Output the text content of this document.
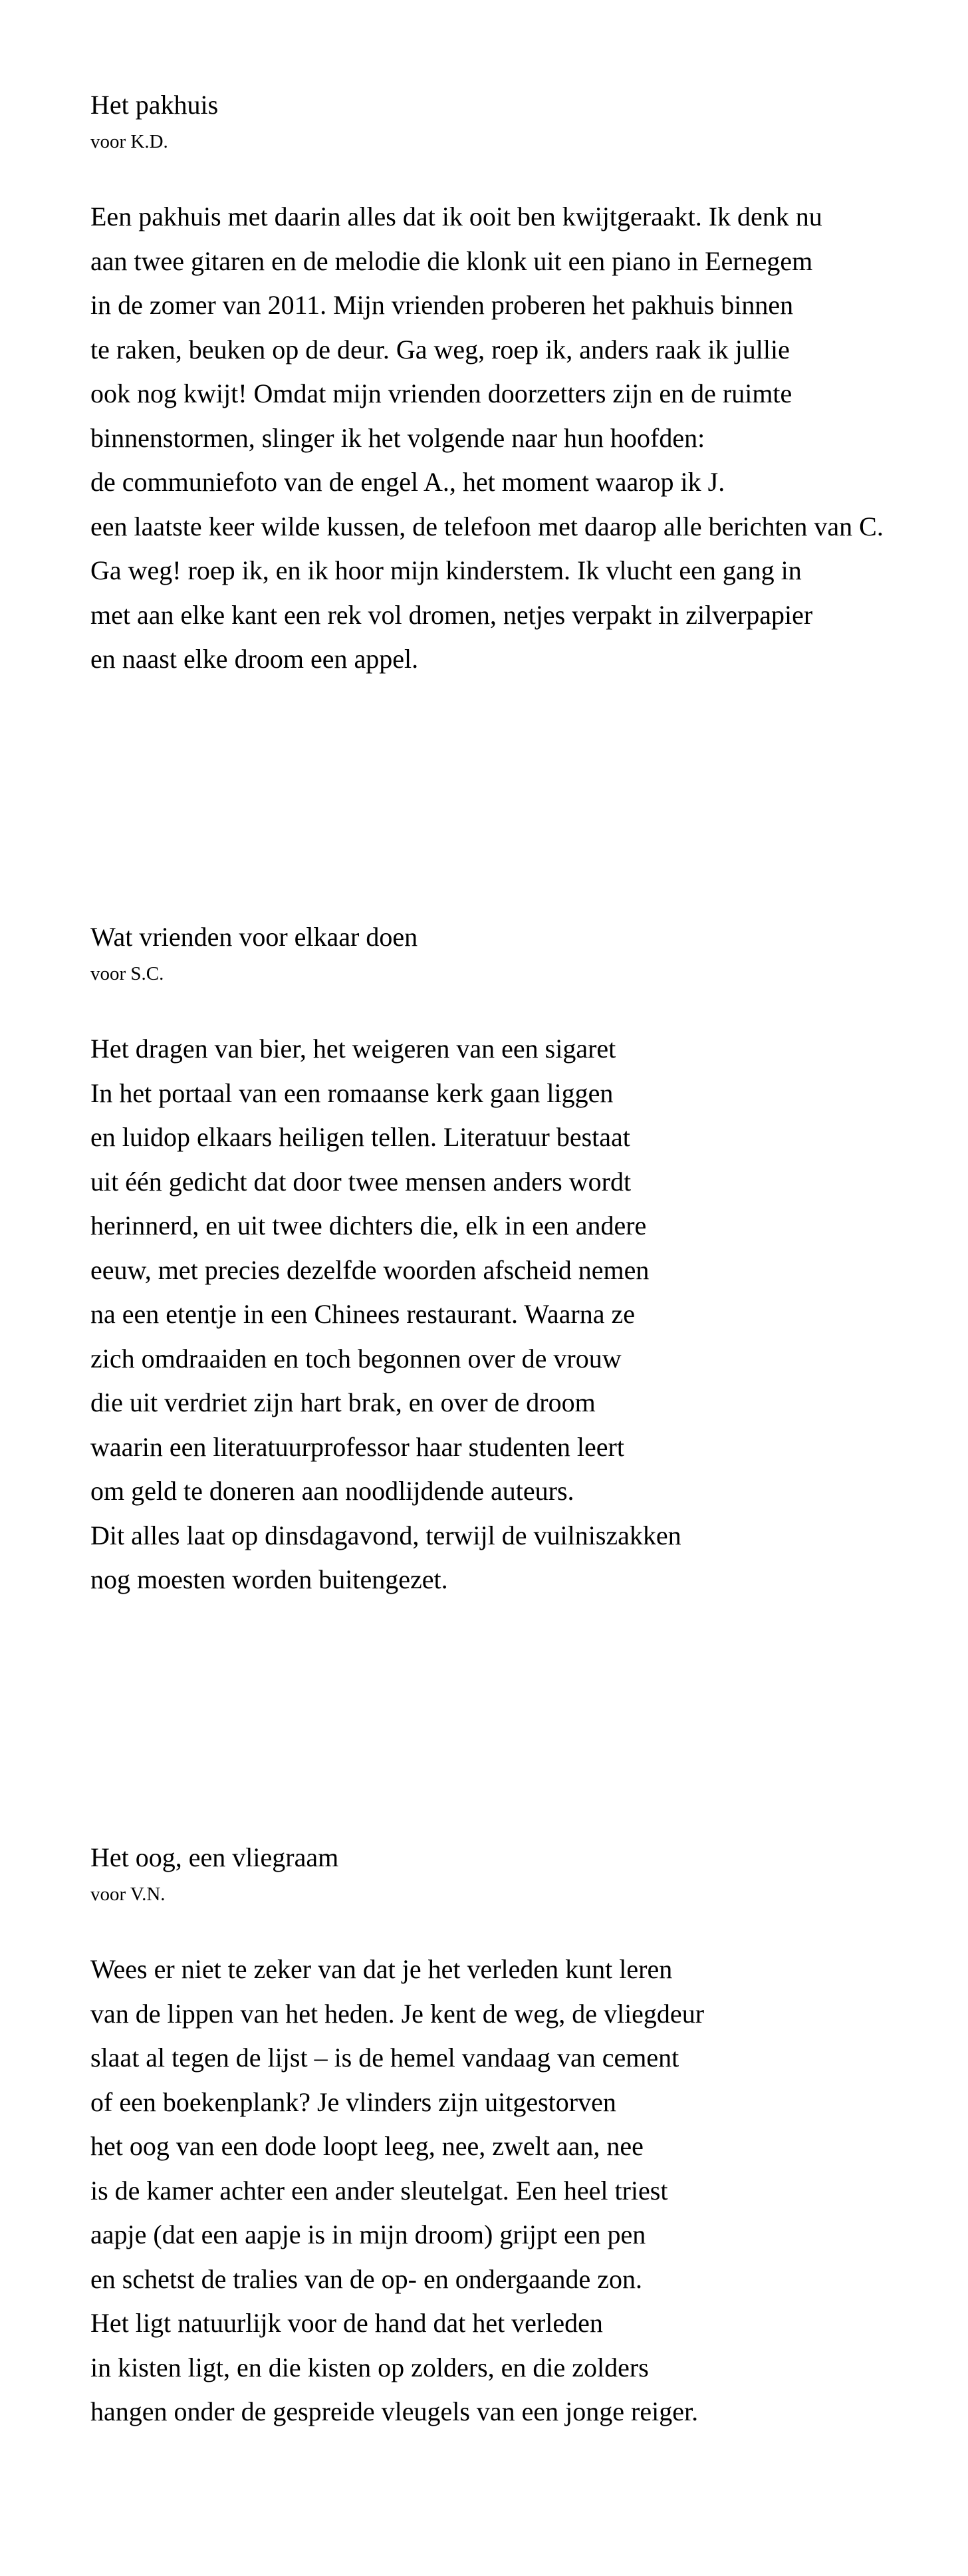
Het pakhuis

voor K.D.

Een pakhuis met daarin alles dat ik ooit ben kwijtgeraakt. Ik denk nu

aan twee gitaren en de melodie die klonk uit een piano in Eernegem

in de zomer van 2011. Mijn vrienden proberen het pakhuis binnen

te raken, beuken op de deur. Ga weg, roep ik, anders raak ik jullie

ook nog kwijt! Omdat mijn vrienden doorzetters zijn en de ruimte

binnenstormen, slinger ik het volgende naar hun hoofden:

de communiefoto van de engel A., het moment waarop ik J.

een laatste keer wilde kussen, de telefoon met daarop alle berichten van C.

Ga weg! roep ik, en ik hoor mijn kinderstem. Ik vlucht een gang in

met aan elke kant een rek vol dromen, netjes verpakt in zilverpapier

en naast elke droom een appel.

Wat vrienden voor elkaar doen

voor S.C.

Het dragen van bier, het weigeren van een sigaret

In het portaal van een romaanse kerk gaan liggen

en luidop elkaars heiligen tellen. Literatuur bestaat

uit één gedicht dat door twee mensen anders wordt

herinnerd, en uit twee dichters die, elk in een andere

eeuw, met precies dezelfde woorden afscheid nemen

na een etentje in een Chinees restaurant. Waarna ze

zich omdraaiden en toch begonnen over de vrouw

die uit verdriet zijn hart brak, en over de droom

waarin een literatuurprofessor haar studenten leert

om geld te doneren aan noodlijdende auteurs.

Dit alles laat op dinsdagavond, terwijl de vuilniszakken

nog moesten worden buitengezet.

Het oog, een vliegraam

voor V.N.

Wees er niet te zeker van dat je het verleden kunt leren

van de lippen van het heden. Je kent de weg, de vliegdeur

slaat al tegen de lijst – is de hemel vandaag van cement

of een boekenplank? Je vlinders zijn uitgestorven

het oog van een dode loopt leeg, nee, zwelt aan, nee

is de kamer achter een ander sleutelgat. Een heel triest

aapje (dat een aapje is in mijn droom) grijpt een pen

en schetst de tralies van de op- en ondergaande zon.

Het ligt natuurlijk voor de hand dat het verleden

in kisten ligt, en die kisten op zolders, en die zolders

hangen onder de gespreide vleugels van een jonge reiger.
